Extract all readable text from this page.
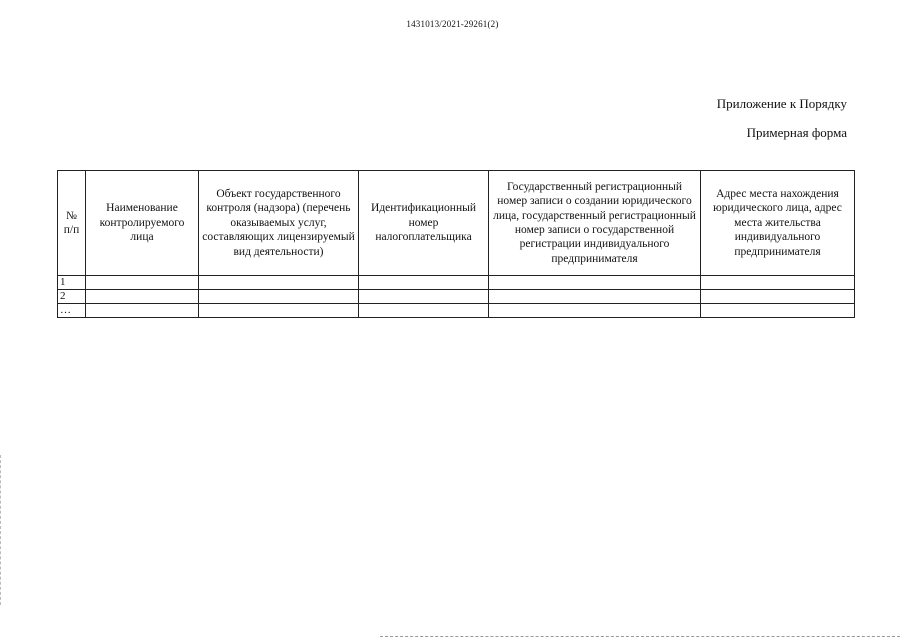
1431013/2021-29261(2)
Приложение к Порядку
Примерная форма
№ п/п	Наименование контролируемого лица	Объект государственного контроля (надзора) (перечень оказываемых услуг, составляющих лицензируемый вид деятельности)	Идентификационный номер налогоплательщика	Государственный регистрационный номер записи о создании юридического лица, государственный регистрационный номер записи о государственной регистрации индивидуального предпринимателя	Адрес места нахождения юридического лица, адрес места жительства индивидуального предпринимателя
1					
2					
…					
